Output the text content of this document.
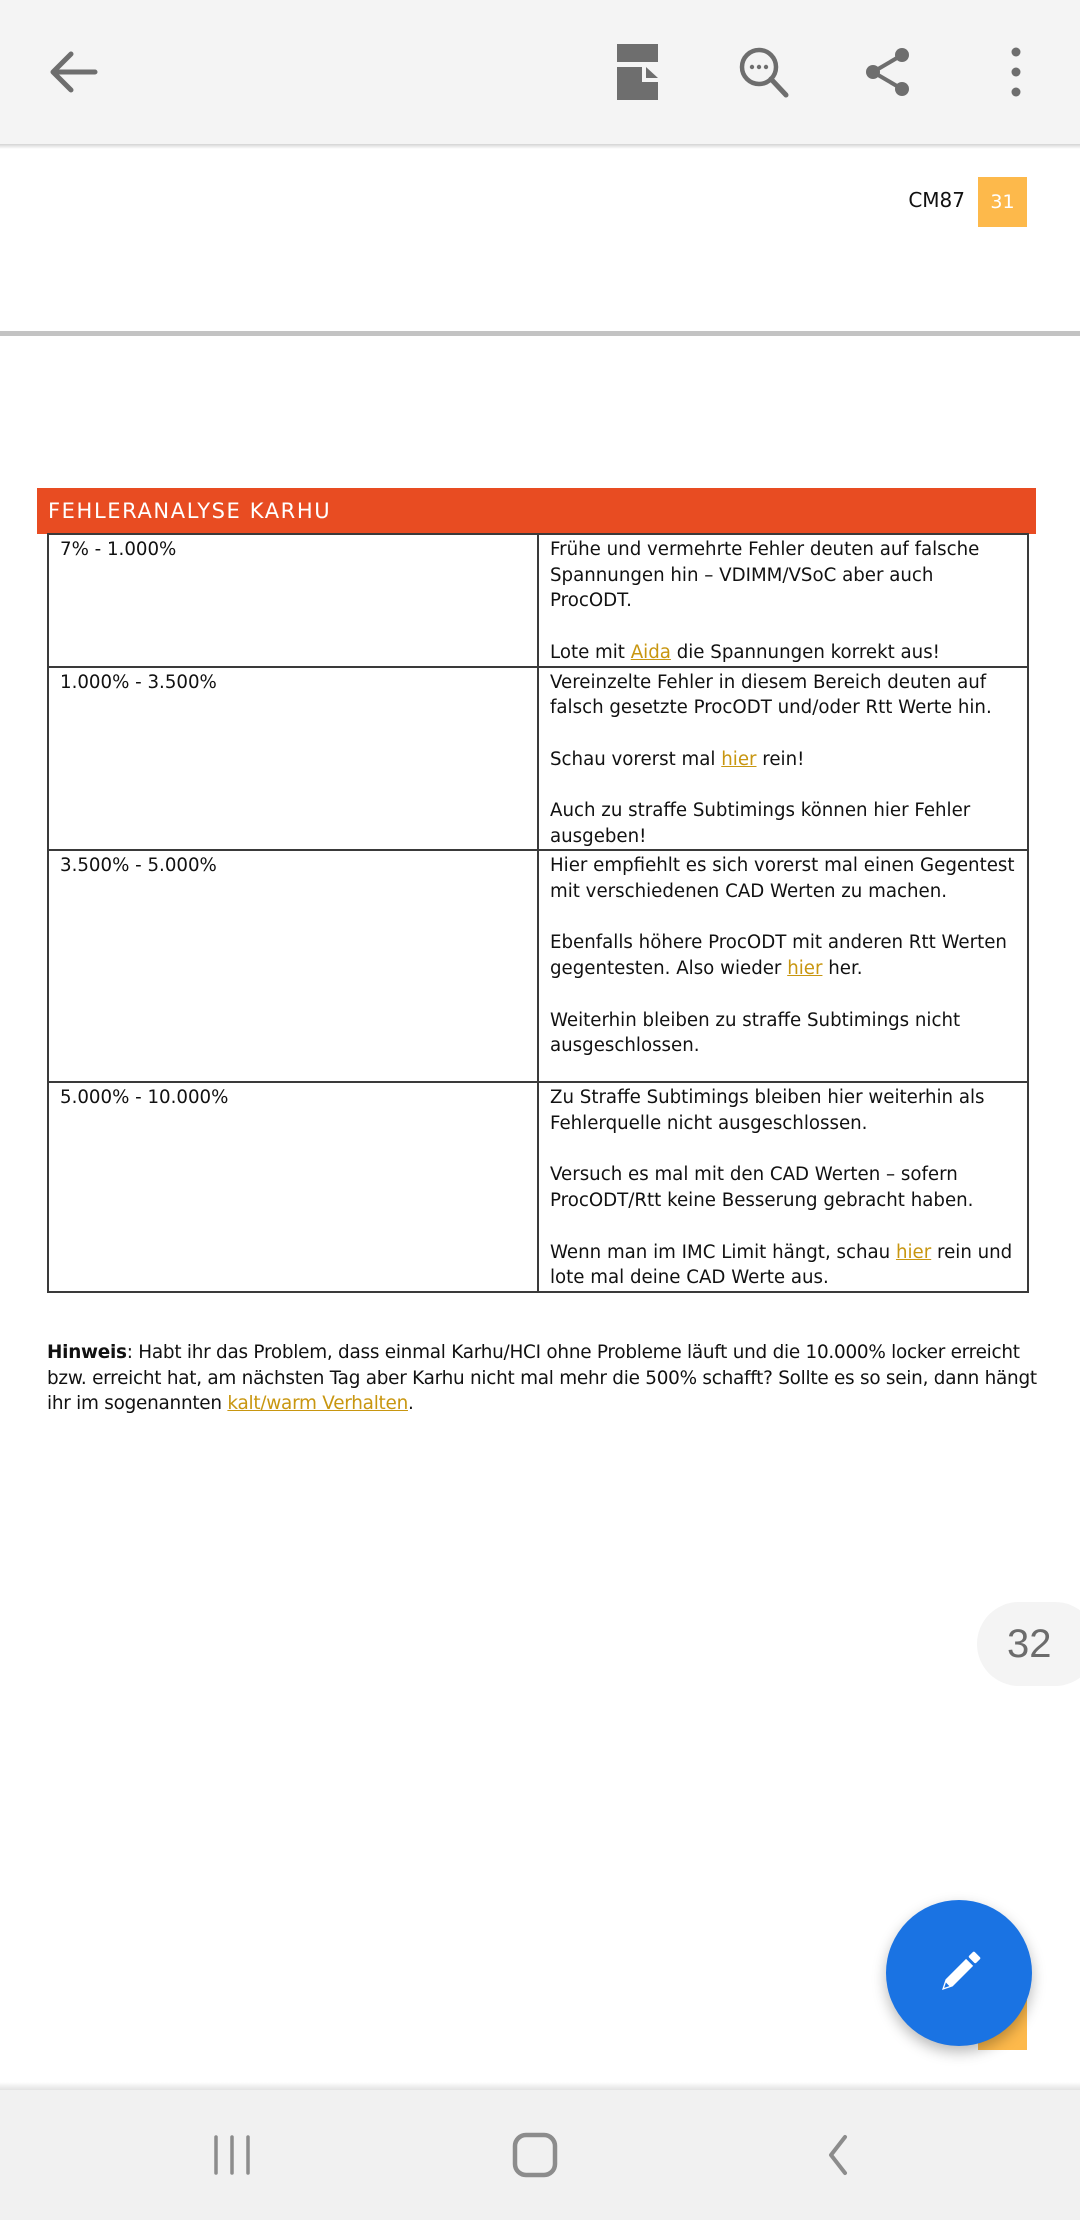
CM87	31
FEHLERANALYSE KARHU
7% - 1.000%	Frühe und vermehrte Fehler deuten auf falsche Spannungen hin – VDIMM/VSoC aber auch ProcODT.
Lote mit Aida die Spannungen korrekt aus!

1.000% - 3.500%	Vereinzelte Fehler in diesem Bereich deuten auf falsch gesetzte ProcODT und/oder Rtt Werte hin.
Schau vorerst mal hier rein!
Auch zu straffe Subtimings können hier Fehler ausgeben!

3.500% - 5.000%	Hier empfiehlt es sich vorerst mal einen Gegentest mit verschiedenen CAD Werten zu machen.
Ebenfalls höhere ProcODT mit anderen Rtt Werten gegentesten. Also wieder hier her.
Weiterhin bleiben zu straffe Subtimings nicht ausgeschlossen.

5.000% - 10.000%	Zu Straffe Subtimings bleiben hier weiterhin als Fehlerquelle nicht ausgeschlossen.
Versuch es mal mit den CAD Werten – sofern ProcODT/Rtt keine Besserung gebracht haben.
Wenn man im IMC Limit hängt, schau hier rein und lote mal deine CAD Werte aus.
Hinweis: Habt ihr das Problem, dass einmal Karhu/HCI ohne Probleme läuft und die 10.000% locker erreicht bzw. erreicht hat, am nächsten Tag aber Karhu nicht mal mehr die 500% schafft? Sollte es so sein, dann hängt ihr im sogenannten kalt/warm Verhalten.
32
